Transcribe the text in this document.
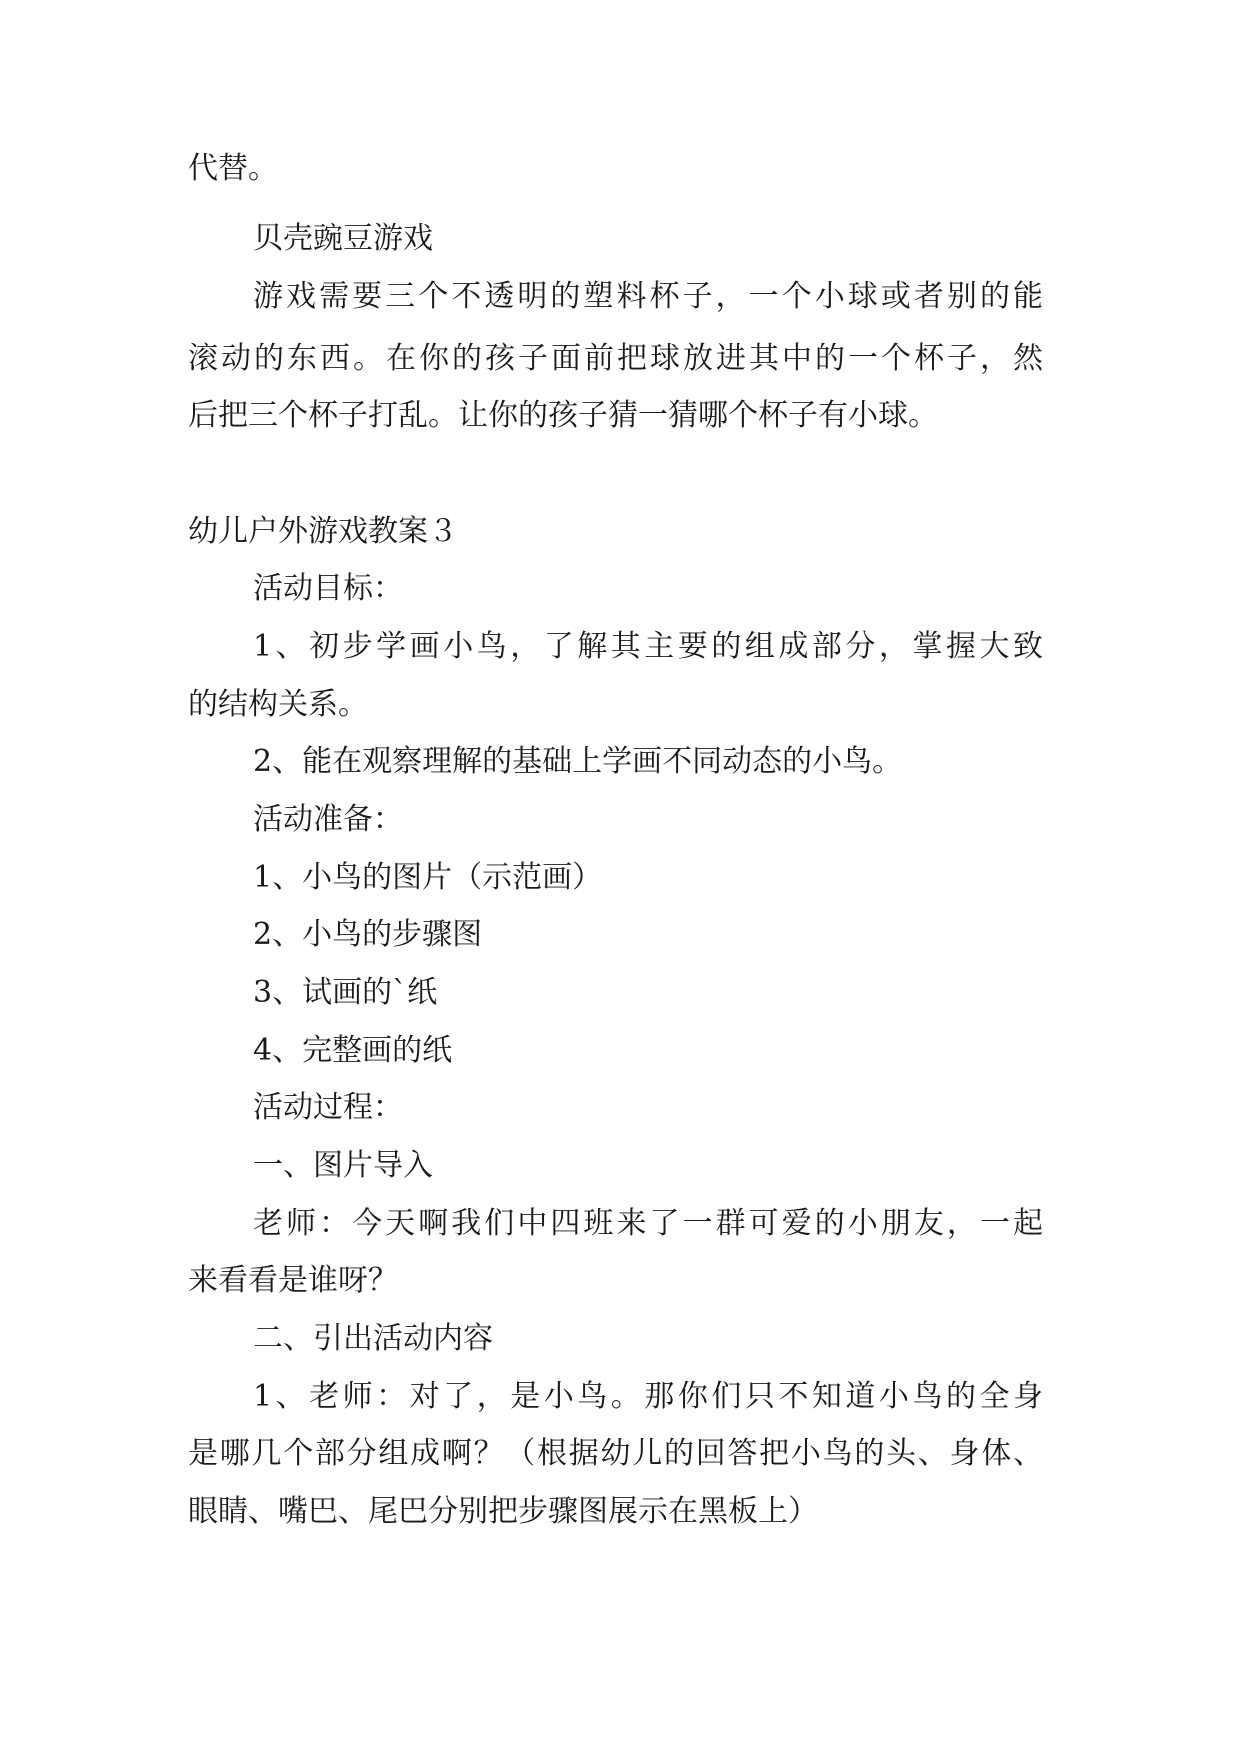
代替。

贝壳豌豆游戏

游戏需要三个不透明的塑料杯子，一个小球或者别的能

滚动的东西。在你的孩子面前把球放进其中的一个杯子，然

后把三个杯子打乱。让你的孩子猜一猜哪个杯子有小球。

幼儿户外游戏教案３

活动目标：

1、初步学画小鸟，了解其主要的组成部分，掌握大致

的结构关系。

2、能在观察理解的基础上学画不同动态的小鸟。

活动准备：

1、小鸟的图片（示范画）

2、小鸟的步骤图

3、试画的`纸

4、完整画的纸

活动过程：

一、图片导入

老师：今天啊我们中四班来了一群可爱的小朋友，一起

来看看是谁呀？

二、引出活动内容

1、老师：对了，是小鸟。那你们只不知道小鸟的全身

是哪几个部分组成啊？（根据幼儿的回答把小鸟的头、身体、

眼睛、嘴巴、尾巴分别把步骤图展示在黑板上）
